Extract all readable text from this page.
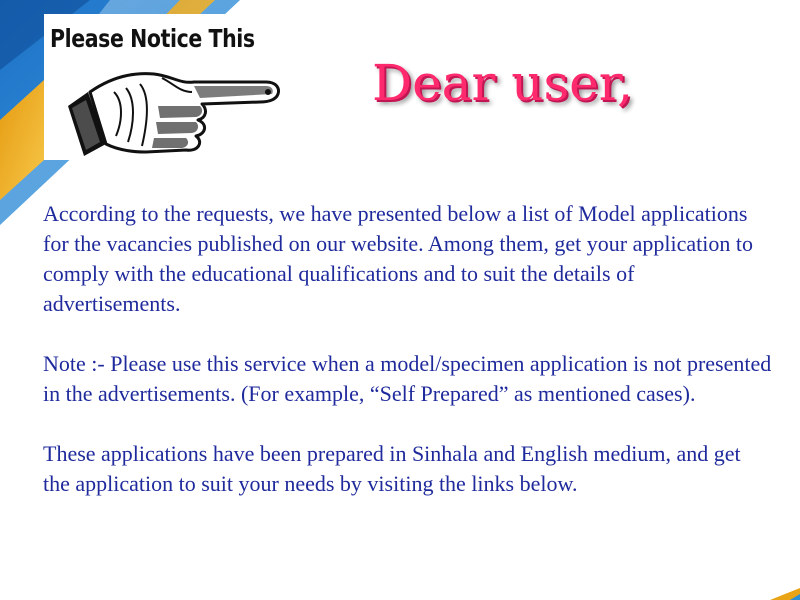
Please Notice This
Dear user,

According to the requests, we have presented below a list of Model applications for the vacancies published on our website. Among them, get your application to comply with the educational qualifications and to suit the details of advertisements.

Note :- Please use this service when a model/specimen application is not presented in the advertisements. (For example, “Self Prepared” as mentioned cases).

These applications have been prepared in Sinhala and English medium, and get the application to suit your needs by visiting the links below.
